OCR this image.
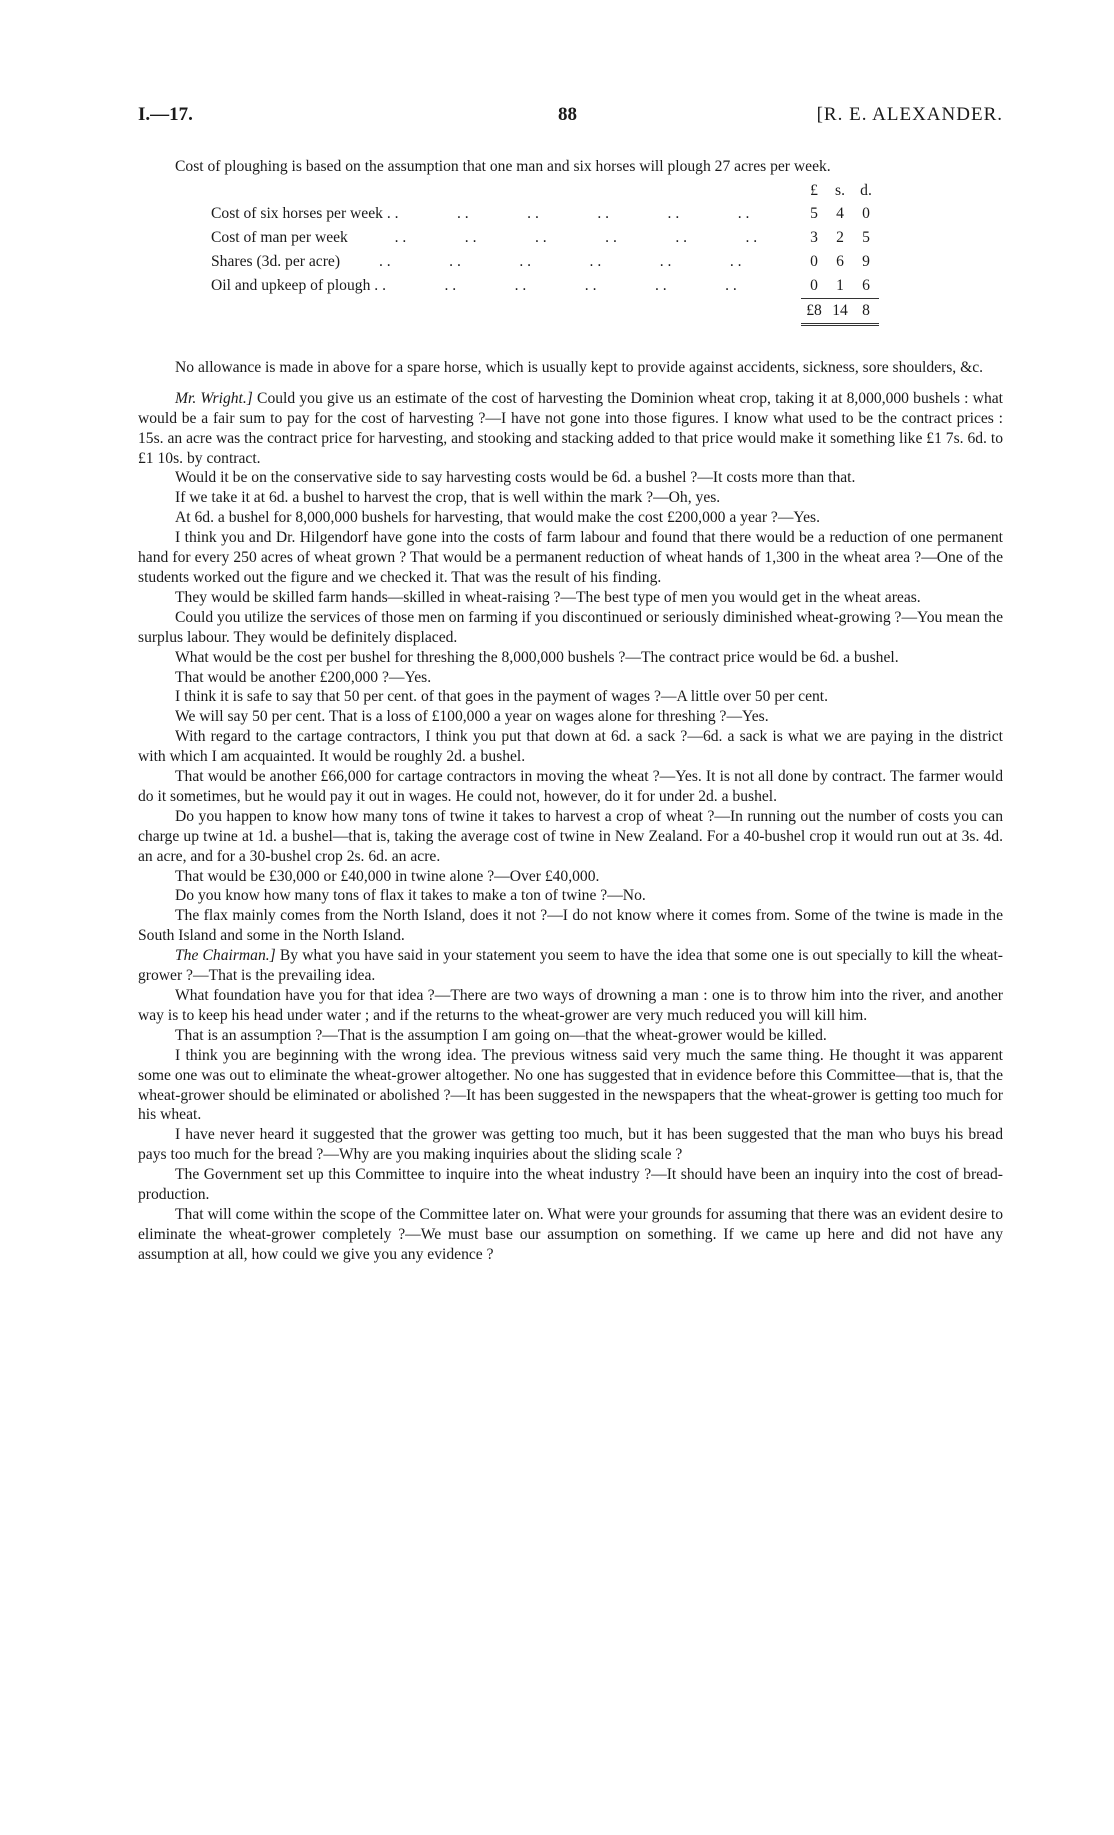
I.—17.	88	[R. E. ALEXANDER.

Cost of ploughing is based on the assumption that one man and six horses will plough 27 acres per week.

	£	s.	d.
Cost of six horses per week . .               . .               . .               . .               . .               . .	5	4	0
Cost of man per week            . .               . .               . .               . .               . .               . .	3	2	5
Shares (3d. per acre)          . .               . .               . .               . .               . .               . .	0	6	9
Oil and upkeep of plough . .               . .               . .               . .               . .               . .	0	1	6
	£8	14	8

No allowance is made in above for a spare horse, which is usually kept to provide against accidents, sickness, sore shoulders, &c.

Mr. Wright.] Could you give us an estimate of the cost of harvesting the Dominion wheat crop, taking it at 8,000,000 bushels : what would be a fair sum to pay for the cost of harvesting ?—I have not gone into those figures. I know what used to be the contract prices : 15s. an acre was the contract price for harvesting, and stooking and stacking added to that price would make it something like £1 7s. 6d. to £1 10s. by contract.

Would it be on the conservative side to say harvesting costs would be 6d. a bushel ?—It costs more than that.

If we take it at 6d. a bushel to harvest the crop, that is well within the mark ?—Oh, yes.

At 6d. a bushel for 8,000,000 bushels for harvesting, that would make the cost £200,000 a year ?—Yes.

I think you and Dr. Hilgendorf have gone into the costs of farm labour and found that there would be a reduction of one permanent hand for every 250 acres of wheat grown ? That would be a permanent reduction of wheat hands of 1,300 in the wheat area ?—One of the students worked out the figure and we checked it. That was the result of his finding.

They would be skilled farm hands—skilled in wheat-raising ?—The best type of men you would get in the wheat areas.

Could you utilize the services of those men on farming if you discontinued or seriously diminished wheat-growing ?—You mean the surplus labour. They would be definitely displaced.

What would be the cost per bushel for threshing the 8,000,000 bushels ?—The contract price would be 6d. a bushel.

That would be another £200,000 ?—Yes.

I think it is safe to say that 50 per cent. of that goes in the payment of wages ?—A little over 50 per cent.

We will say 50 per cent. That is a loss of £100,000 a year on wages alone for threshing ?—Yes.

With regard to the cartage contractors, I think you put that down at 6d. a sack ?—6d. a sack is what we are paying in the district with which I am acquainted. It would be roughly 2d. a bushel.

That would be another £66,000 for cartage contractors in moving the wheat ?—Yes. It is not all done by contract. The farmer would do it sometimes, but he would pay it out in wages. He could not, however, do it for under 2d. a bushel.

Do you happen to know how many tons of twine it takes to harvest a crop of wheat ?—In running out the number of costs you can charge up twine at 1d. a bushel—that is, taking the average cost of twine in New Zealand. For a 40-bushel crop it would run out at 3s. 4d. an acre, and for a 30-bushel crop 2s. 6d. an acre.

That would be £30,000 or £40,000 in twine alone ?—Over £40,000.

Do you know how many tons of flax it takes to make a ton of twine ?—No.

The flax mainly comes from the North Island, does it not ?—I do not know where it comes from. Some of the twine is made in the South Island and some in the North Island.

The Chairman.] By what you have said in your statement you seem to have the idea that some one is out specially to kill the wheat-grower ?—That is the prevailing idea.

What foundation have you for that idea ?—There are two ways of drowning a man : one is to throw him into the river, and another way is to keep his head under water ; and if the returns to the wheat-grower are very much reduced you will kill him.

That is an assumption ?—That is the assumption I am going on—that the wheat-grower would be killed.

I think you are beginning with the wrong idea. The previous witness said very much the same thing. He thought it was apparent some one was out to eliminate the wheat-grower altogether. No one has suggested that in evidence before this Committee—that is, that the wheat-grower should be eliminated or abolished ?—It has been suggested in the newspapers that the wheat-grower is getting too much for his wheat.

I have never heard it suggested that the grower was getting too much, but it has been suggested that the man who buys his bread pays too much for the bread ?—Why are you making inquiries about the sliding scale ?

The Government set up this Committee to inquire into the wheat industry ?—It should have been an inquiry into the cost of bread-production.

That will come within the scope of the Committee later on. What were your grounds for assuming that there was an evident desire to eliminate the wheat-grower completely ?—We must base our assumption on something. If we came up here and did not have any assumption at all, how could we give you any evidence ?
